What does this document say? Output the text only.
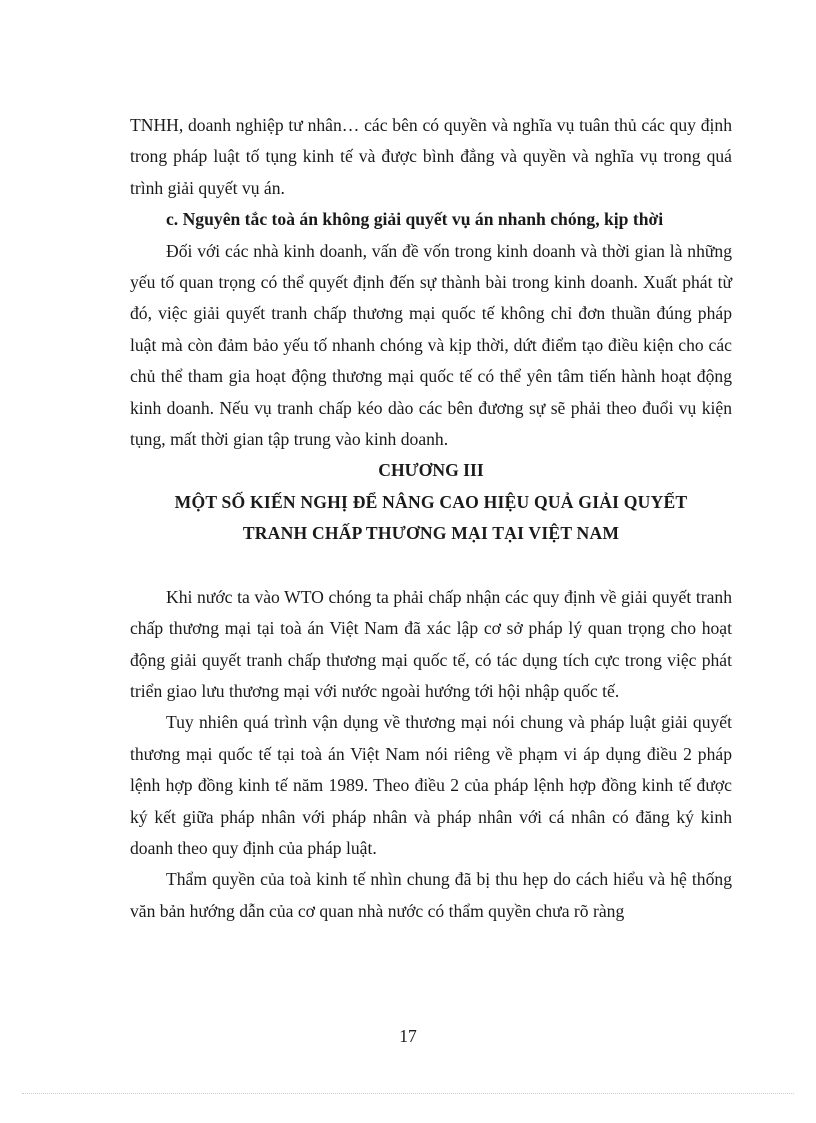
TNHH, doanh nghiệp tư nhân… các bên có quyền và nghĩa vụ tuân thủ các quy định trong pháp luật tố tụng kinh tế và được bình đẳng và quyền và nghĩa vụ trong quá trình giải quyết vụ án.

c. Nguyên tắc toà án không giải quyết vụ án nhanh chóng, kịp thời

Đối với các nhà kinh doanh, vấn đề vốn trong kinh doanh và thời gian là những yếu tố quan trọng có thể quyết định đến sự thành bài trong kinh doanh. Xuất phát từ đó, việc giải quyết tranh chấp thương mại quốc tế không chỉ đơn thuần đúng pháp luật mà còn đảm bảo yếu tố nhanh chóng và kịp thời, dứt điểm tạo điều kiện cho các chủ thể tham gia hoạt động thương mại quốc tế có thể yên tâm tiến hành hoạt động kinh doanh. Nếu vụ tranh chấp kéo dào các bên đương sự sẽ phải theo đuổi vụ kiện tụng, mất thời gian tập trung vào kinh doanh.

CHƯƠNG III

MỘT SỐ KIẾN NGHỊ ĐỂ NÂNG CAO HIỆU QUẢ GIẢI QUYẾT

TRANH CHẤP THƯƠNG MẠI TẠI VIỆT NAM

Khi nước ta vào WTO chóng ta phải chấp nhận các quy định về giải quyết tranh chấp thương mại tại toà án Việt Nam đã xác lập cơ sở pháp lý quan trọng cho hoạt động giải quyết tranh chấp thương mại quốc tế, có tác dụng tích cực trong việc phát triển giao lưu thương mại với nước ngoài hướng tới hội nhập quốc tế.

Tuy nhiên quá trình vận dụng về thương mại nói chung và pháp luật giải quyết thương mại quốc tế tại toà án Việt Nam nói riêng về phạm vi áp dụng điều 2 pháp lệnh hợp đồng kinh tế năm 1989. Theo điều 2 của pháp lệnh hợp đồng kinh tế được ký kết giữa pháp nhân với pháp nhân và pháp nhân với cá nhân có đăng ký kinh doanh theo quy định của pháp luật.

Thẩm quyền của toà kinh tế nhìn chung đã bị thu hẹp do cách hiểu và hệ thống văn bản hướng dẫn của cơ quan nhà nước có thẩm quyền chưa rõ ràng

17
